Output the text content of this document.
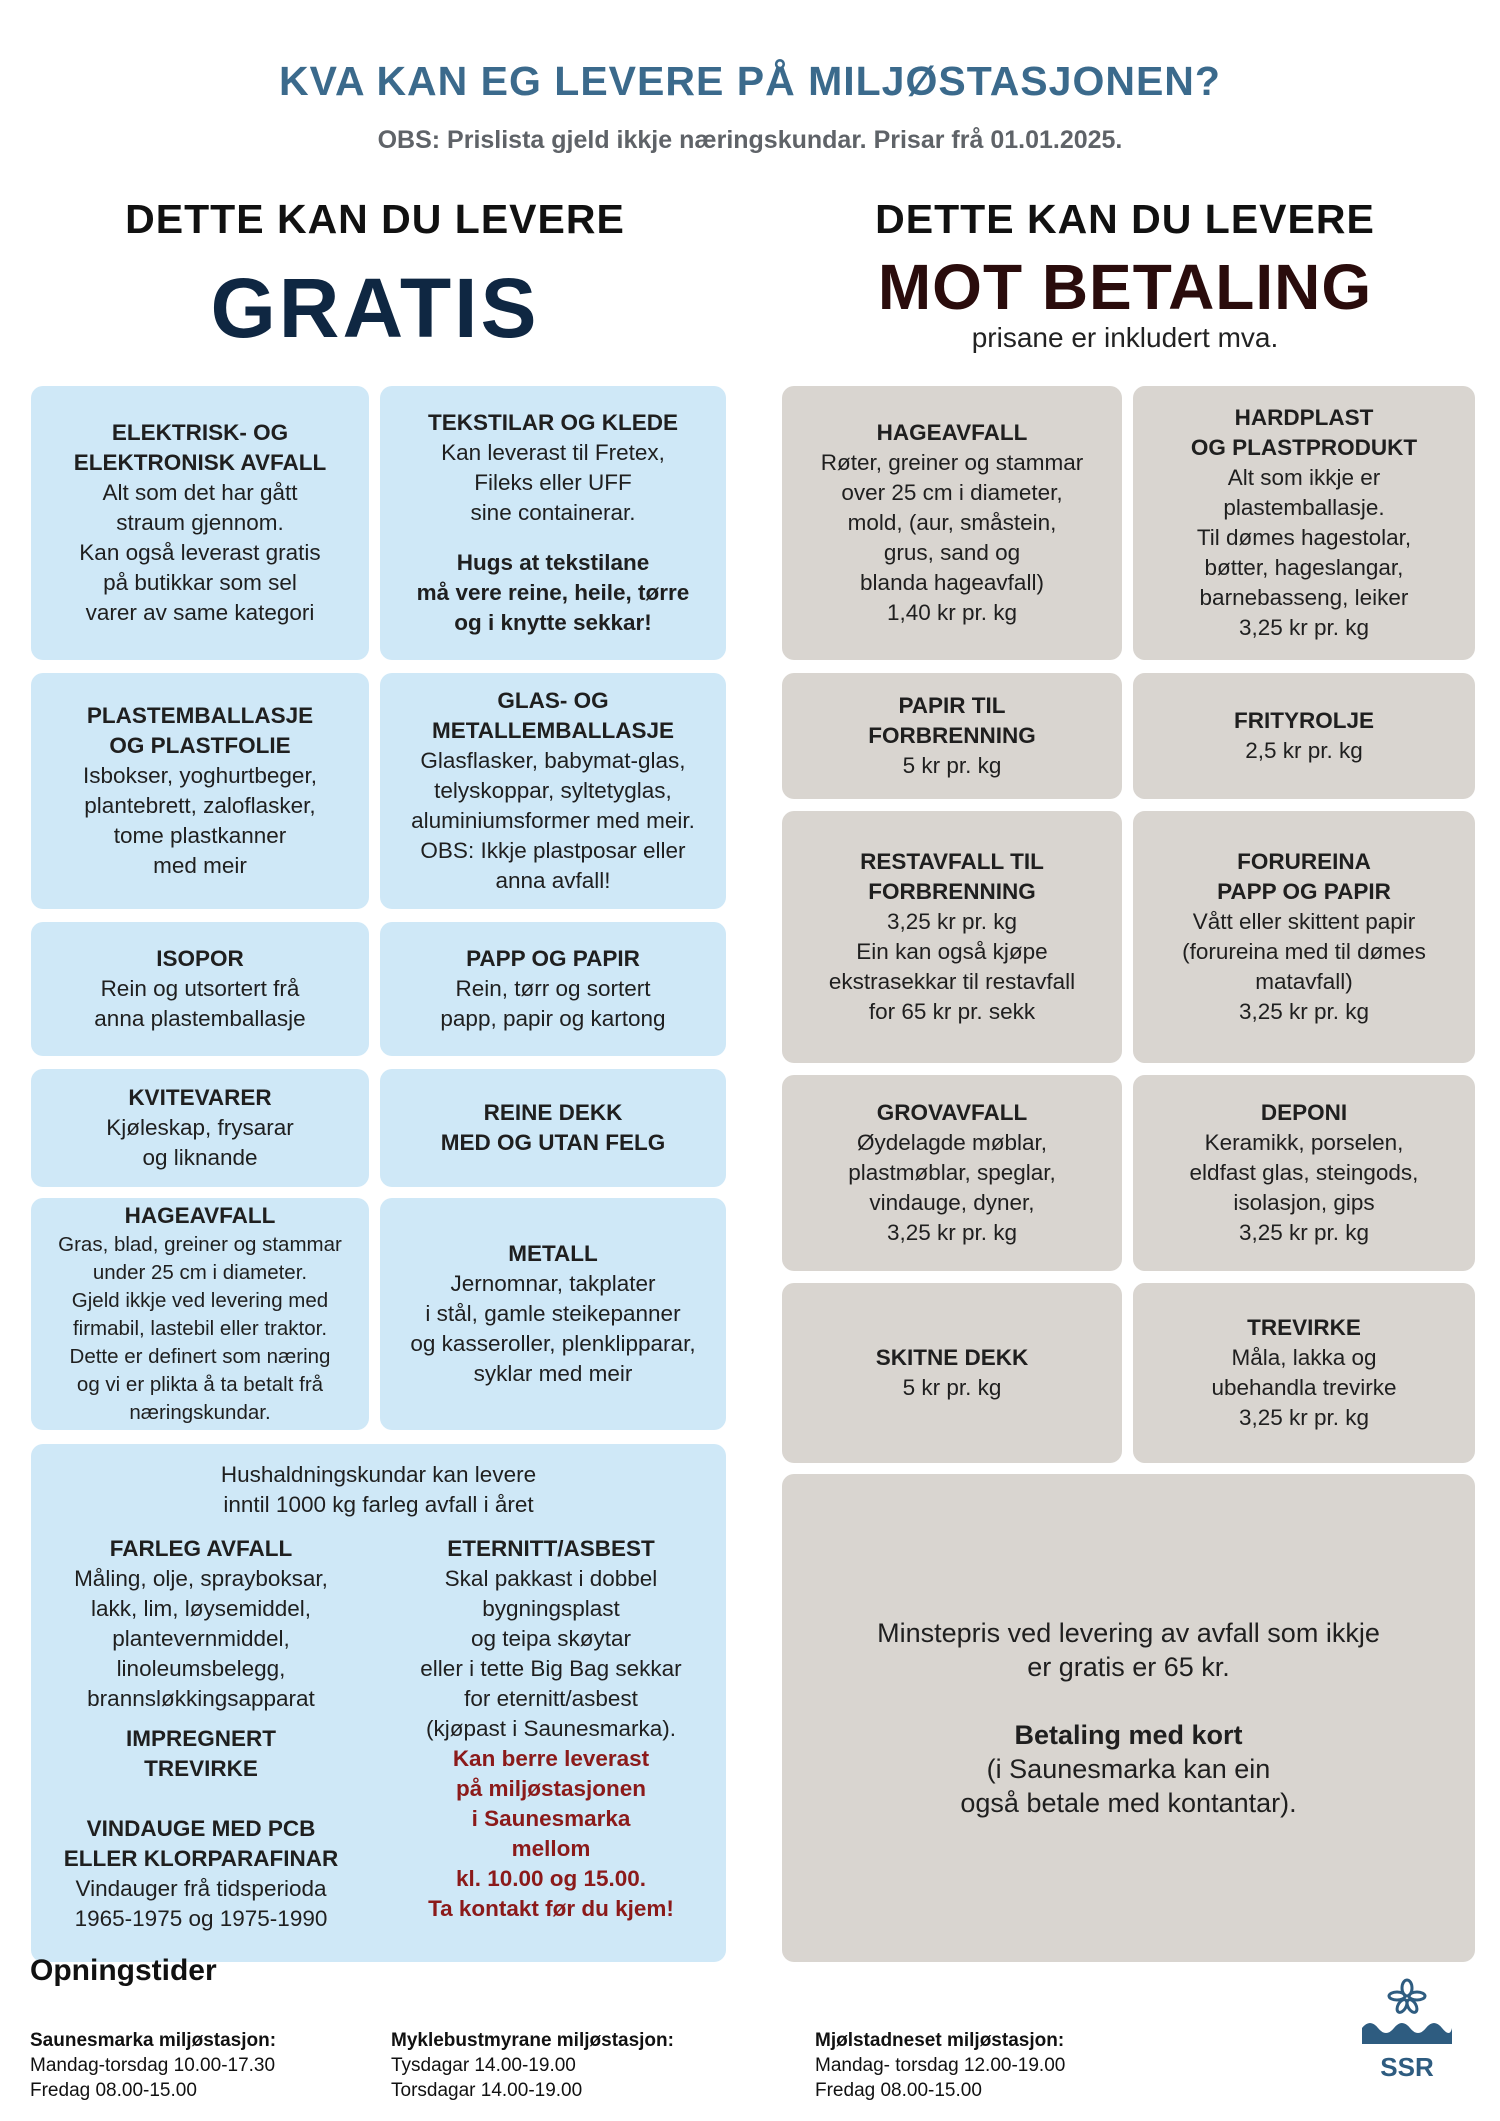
KVA KAN EG LEVERE PÅ MILJØSTASJONEN?
OBS: Prislista gjeld ikkje næringskundar. Prisar frå 01.01.2025.
DETTE KAN DU LEVERE
GRATIS
DETTE KAN DU LEVERE
MOT BETALING
prisane er inkludert mva.
ELEKTRISK- OG
ELEKTRONISK AVFALL
Alt som det har gått
straum gjennom.
Kan også leverast gratis
på butikkar som sel
varer av same kategori
TEKSTILAR OG KLEDE
Kan leverast til Fretex,
Fileks eller UFF
sine containerar.
Hugs at tekstilane
må vere reine, heile, tørre
og i knytte sekkar!
PLASTEMBALLASJE
OG PLASTFOLIE
Isbokser, yoghurtbeger,
plantebrett, zaloflasker,
tome plastkanner
med meir
GLAS- OG
METALLEMBALLASJE
Glasflasker, babymat-glas,
telyskoppar, syltetyglas,
aluminiumsformer med meir.
OBS: Ikkje plastposar eller
anna avfall!
ISOPOR
Rein og utsortert frå
anna plastemballasje
PAPP OG PAPIR
Rein, tørr og sortert
papp, papir og kartong
KVITEVARER
Kjøleskap, frysarar
og liknande
REINE DEKK
MED OG UTAN FELG
HAGEAVFALL
Gras, blad, greiner og stammar
under 25 cm i diameter.
Gjeld ikkje ved levering med
firmabil, lastebil eller traktor.
Dette er definert som næring
og vi er plikta å ta betalt frå
næringskundar.
METALL
Jernomnar, takplater
i stål, gamle steikepanner
og kasseroller, plenklipparar,
syklar med meir
Hushaldningskundar kan levere
inntil 1000 kg farleg avfall i året
FARLEG AVFALL
Måling, olje, sprayboksar,
lakk, lim, løysemiddel,
plantevernmiddel,
linoleumsbelegg,
brannsløkkingsapparat
IMPREGNERT
TREVIRKE
VINDAUGE MED PCB
ELLER KLORPARAFINAR
Vindauger frå tidsperioda
1965-1975 og 1975-1990
ETERNITT/ASBEST
Skal pakkast i dobbel
bygningsplast
og teipa skøytar
eller i tette Big Bag sekkar
for eternitt/asbest
(kjøpast i Saunesmarka).
Kan berre leverast
på miljøstasjonen
i Saunesmarka
mellom
kl. 10.00 og 15.00.
Ta kontakt før du kjem!
HAGEAVFALL
Røter, greiner og stammar
over 25 cm i diameter,
mold, (aur, småstein,
grus, sand og
blanda hageavfall)
1,40 kr pr. kg
HARDPLAST
OG PLASTPRODUKT
Alt som ikkje er
plastemballasje.
Til dømes hagestolar,
bøtter, hageslangar,
barnebasseng, leiker
3,25 kr pr. kg
PAPIR TIL
FORBRENNING
5 kr pr. kg
FRITYROLJE
2,5 kr pr. kg
RESTAVFALL TIL
FORBRENNING
3,25 kr pr. kg
Ein kan også kjøpe
ekstrasekkar til restavfall
for 65 kr pr. sekk
FORUREINA
PAPP OG PAPIR
Vått eller skittent papir
(forureina med til dømes
matavfall)
3,25 kr pr. kg
GROVAVFALL
Øydelagde møblar,
plastmøblar, speglar,
vindauge, dyner,
3,25 kr pr. kg
DEPONI
Keramikk, porselen,
eldfast glas, steingods,
isolasjon, gips
3,25 kr pr. kg
SKITNE DEKK
5 kr pr. kg
TREVIRKE
Måla, lakka og
ubehandla trevirke
3,25 kr pr. kg
Minstepris ved levering av avfall som ikkje
er gratis er 65 kr.
Betaling med kort
(i Saunesmarka kan ein
også betale med kontantar).
Opningstider
Saunesmarka miljøstasjon:
Mandag-torsdag 10.00-17.30
Fredag 08.00-15.00
Myklebustmyrane miljøstasjon:
Tysdagar 14.00-19.00
Torsdagar 14.00-19.00
Mjølstadneset miljøstasjon:
Mandag- torsdag 12.00-19.00
Fredag 08.00-15.00
SSR
